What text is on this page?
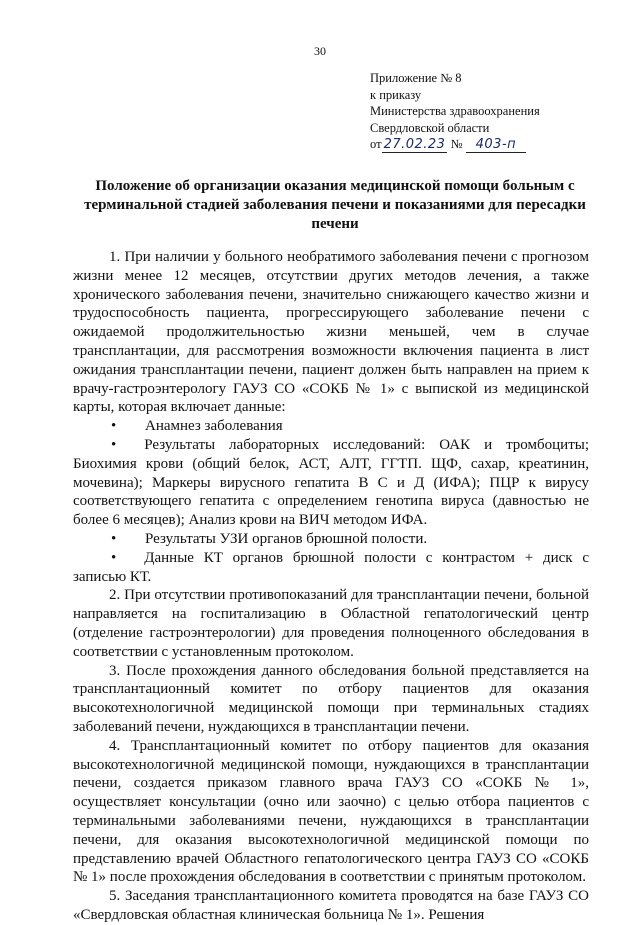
30
Приложение № 8
к приказу
Министерства здравоохранения
Свердловской области
от 27.02.23 № 403-п
Положение об организации оказания медицинской помощи больным с терминальной стадией заболевания печени и показаниями для пересадки печени

1. При наличии у больного необратимого заболевания печени с прогнозом жизни менее 12 месяцев, отсутствии других методов лечения, а также хронического заболевания печени, значительно снижающего качество жизни и трудоспособность пациента, прогрессирующего заболевание печени с ожидаемой продолжительностью жизни меньшей, чем в случае трансплантации, для рассмотрения возможности включения пациента в лист ожидания трансплантации печени, пациент должен быть направлен на прием к врачу-гастроэнтерологу ГАУЗ СО «СОКБ № 1» с выпиской из медицинской карты, которая включает данные:

• Анамнез заболевания

• Результаты лабораторных исследований: ОАК и тромбоциты; Биохимия крови (общий белок, АСТ, АЛТ, ГГТП. ЩФ, сахар, креатинин, мочевина); Маркеры вирусного гепатита В С и Д (ИФА); ПЦР к вирусу соответствующего гепатита с определением генотипа вируса (давностью не более 6 месяцев); Анализ крови на ВИЧ методом ИФА.

• Результаты УЗИ органов брюшной полости.

• Данные КТ органов брюшной полости с контрастом + диск с записью КТ.

2. При отсутствии противопоказаний для трансплантации печени, больной направляется на госпитализацию в Областной гепатологический центр (отделение гастроэнтерологии) для проведения полноценного обследования в соответствии с установленным протоколом.

3. После прохождения данного обследования больной представляется на трансплантационный комитет по отбору пациентов для оказания высокотехнологичной медицинской помощи при терминальных стадиях заболеваний печени, нуждающихся в трансплантации печени.

4. Трансплантационный комитет по отбору пациентов для оказания высокотехнологичной медицинской помощи, нуждающихся в трансплантации печени, создается приказом главного врача ГАУЗ СО «СОКБ № 1», осуществляет консультации (очно или заочно) с целью отбора пациентов с терминальными заболеваниями печени, нуждающихся в трансплантации печени, для оказания высокотехнологичной медицинской помощи по представлению врачей Областного гепатологического центра ГАУЗ СО «СОКБ № 1» после прохождения обследования в соответствии с принятым протоколом.

5. Заседания трансплантационного комитета проводятся на базе ГАУЗ СО «Свердловская областная клиническая больница № 1». Решения
